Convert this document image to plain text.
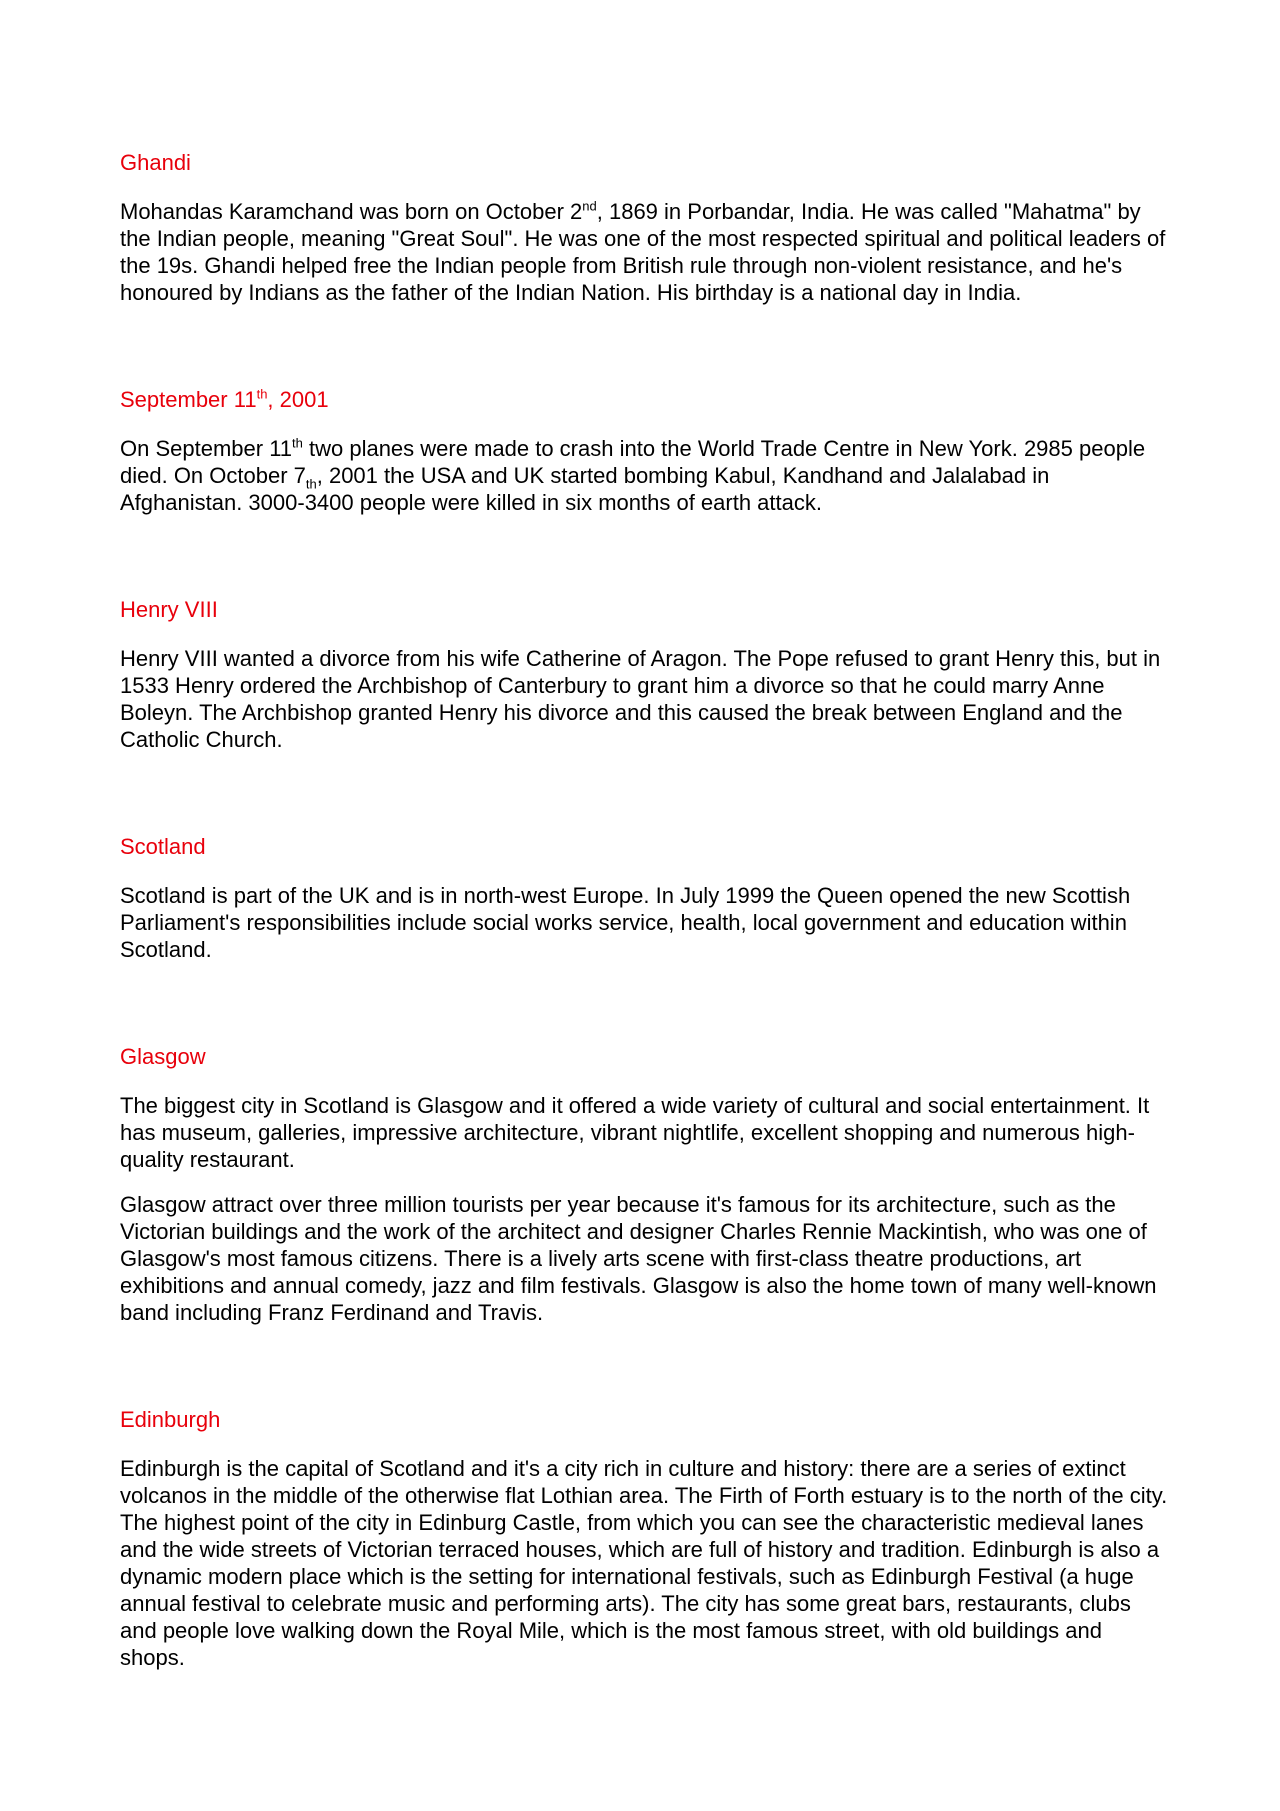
Ghandi

Mohandas Karamchand was born on October 2nd, 1869 in Porbandar, India. He was called "Mahatma" by the Indian people, meaning "Great Soul". He was one of the most respected spiritual and political leaders of the 19s. Ghandi helped free the Indian people from British rule through non-violent resistance, and he's honoured by Indians as the father of the Indian Nation. His birthday is a national day in India.

September 11th, 2001

On September 11th two planes were made to crash into the World Trade Centre in New York. 2985 people died. On October $7_{th}$, 2001 the USA and UK started bombing Kabul, Kandhand and Jalalabad in Afghanistan. 3000-3400 people were killed in six months of earth attack.

Henry VIII

Henry VIII wanted a divorce from his wife Catherine of Aragon. The Pope refused to grant Henry this, but in 1533 Henry ordered the Archbishop of Canterbury to grant him a divorce so that he could marry Anne Boleyn. The Archbishop granted Henry his divorce and this caused the break between England and the Catholic Church.

Scotland

Scotland is part of the UK and is in north-west Europe. In July 1999 the Queen opened the new Scottish Parliament's responsibilities include social works service, health, local government and education within Scotland.

Glasgow

The biggest city in Scotland is Glasgow and it offered a wide variety of cultural and social entertainment. It has museum, galleries, impressive architecture, vibrant nightlife, excellent shopping and numerous high-quality restaurant.

Glasgow attract over three million tourists per year because it's famous for its architecture, such as the Victorian buildings and the work of the architect and designer Charles Rennie Mackintish, who was one of Glasgow's most famous citizens. There is a lively arts scene with first-class theatre productions, art exhibitions and annual comedy, jazz and film festivals. Glasgow is also the home town of many well-known band including Franz Ferdinand and Travis.

Edinburgh

Edinburgh is the capital of Scotland and it's a city rich in culture and history: there are a series of extinct volcanos in the middle of the otherwise flat Lothian area. The Firth of Forth estuary is to the north of the city. The highest point of the city in Edinburg Castle, from which you can see the characteristic medieval lanes and the wide streets of Victorian terraced houses, which are full of history and tradition. Edinburgh is also a dynamic modern place which is the setting for international festivals, such as Edinburgh Festival (a huge annual festival to celebrate music and performing arts). The city has some great bars, restaurants, clubs and people love walking down the Royal Mile, which is the most famous street, with old buildings and shops.
